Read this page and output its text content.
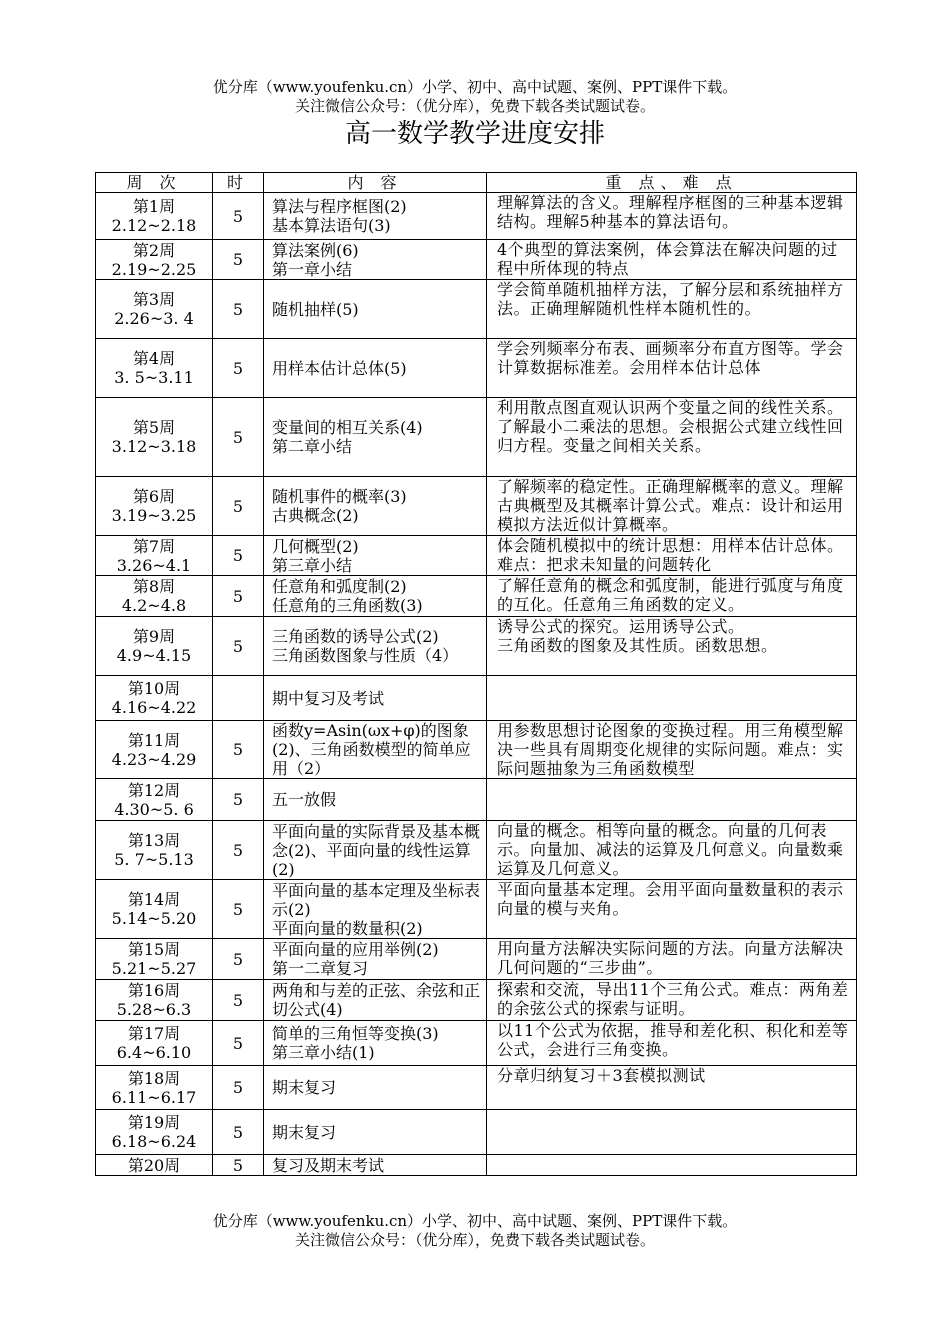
优分库（www.youfenku.cn）小学、初中、高中试题、案例、PPT课件下载。
关注微信公众号：（优分库），免费下载各类试题试卷。
高一数学教学进度安排
周 次	时	内 容	重 点、难 点

第1周
2.12~2.18	5	算法与程序框图(2)
基本算法语句(3)	理解算法的含义。理解程序框图的三种基本逻辑结构。理解5种基本的算法语句。

第2周
2.19~2.25	5	算法案例(6)
第一章小结	4个典型的算法案例，体会算法在解决问题的过程中所体现的特点

第3周
2.26~3. 4	5	随机抽样(5)	学会简单随机抽样方法，了解分层和系统抽样方法。正确理解随机性样本随机性的。

第4周
3. 5~3.11	5	用样本估计总体(5)	学会列频率分布表、画频率分布直方图等。学会计算数据标准差。会用样本估计总体

第5周
3.12~3.18	5	变量间的相互关系(4)
第二章小结	利用散点图直观认识两个变量之间的线性关系。了解最小二乘法的思想。会根据公式建立线性回归方程。变量之间相关关系。

第6周
3.19~3.25	5	随机事件的概率(3)
古典概念(2)	了解频率的稳定性。正确理解概率的意义。理解古典概型及其概率计算公式。难点：设计和运用模拟方法近似计算概率。

第7周
3.26~4.1	5	几何概型(2)
第三章小结	体会随机模拟中的统计思想：用样本估计总体。难点：把求未知量的问题转化

第8周
4.2~4.8	5	任意角和弧度制(2)
任意角的三角函数(3)	了解任意角的概念和弧度制，能进行弧度与角度的互化。任意角三角函数的定义。

第9周
4.9~4.15	5	三角函数的诱导公式(2)
三角函数图象与性质（4）	诱导公式的探究。运用诱导公式。
三角函数的图象及其性质。函数思想。

第10周
4.16~4.22		期中复习及考试	

第11周
4.23~4.29	5	函数y=Asin(ωx+φ)的图象(2)、三角函数模型的简单应用（2）	用参数思想讨论图象的变换过程。用三角模型解决一些具有周期变化规律的实际问题。难点：实际问题抽象为三角函数模型

第12周
4.30~5. 6	5	五一放假	

第13周
5. 7~5.13	5	平面向量的实际背景及基本概念(2)、平面向量的线性运算(2)	向量的概念。相等向量的概念。向量的几何表示。向量加、减法的运算及几何意义。向量数乘运算及几何意义。

第14周
5.14~5.20	5	平面向量的基本定理及坐标表示(2)
平面向量的数量积(2)	平面向量基本定理。会用平面向量数量积的表示向量的模与夹角。

第15周
5.21~5.27	5	平面向量的应用举例(2)
第一二章复习	用向量方法解决实际问题的方法。向量方法解决几何问题的“三步曲”。

第16周
5.28~6.3	5	两角和与差的正弦、余弦和正切公式(4)	探索和交流，导出11个三角公式。难点：两角差的余弦公式的探索与证明。

第17周
6.4~6.10	5	简单的三角恒等变换(3)
第三章小结(1)	以11个公式为依据，推导和差化积、积化和差等公式，会进行三角变换。

第18周
6.11~6.17	5	期末复习	分章归纳复习＋3套模拟测试

第19周
6.18~6.24	5	期末复习	

第20周	5	复习及期末考试	

优分库（www.youfenku.cn）小学、初中、高中试题、案例、PPT课件下载。
关注微信公众号：（优分库），免费下载各类试题试卷。
